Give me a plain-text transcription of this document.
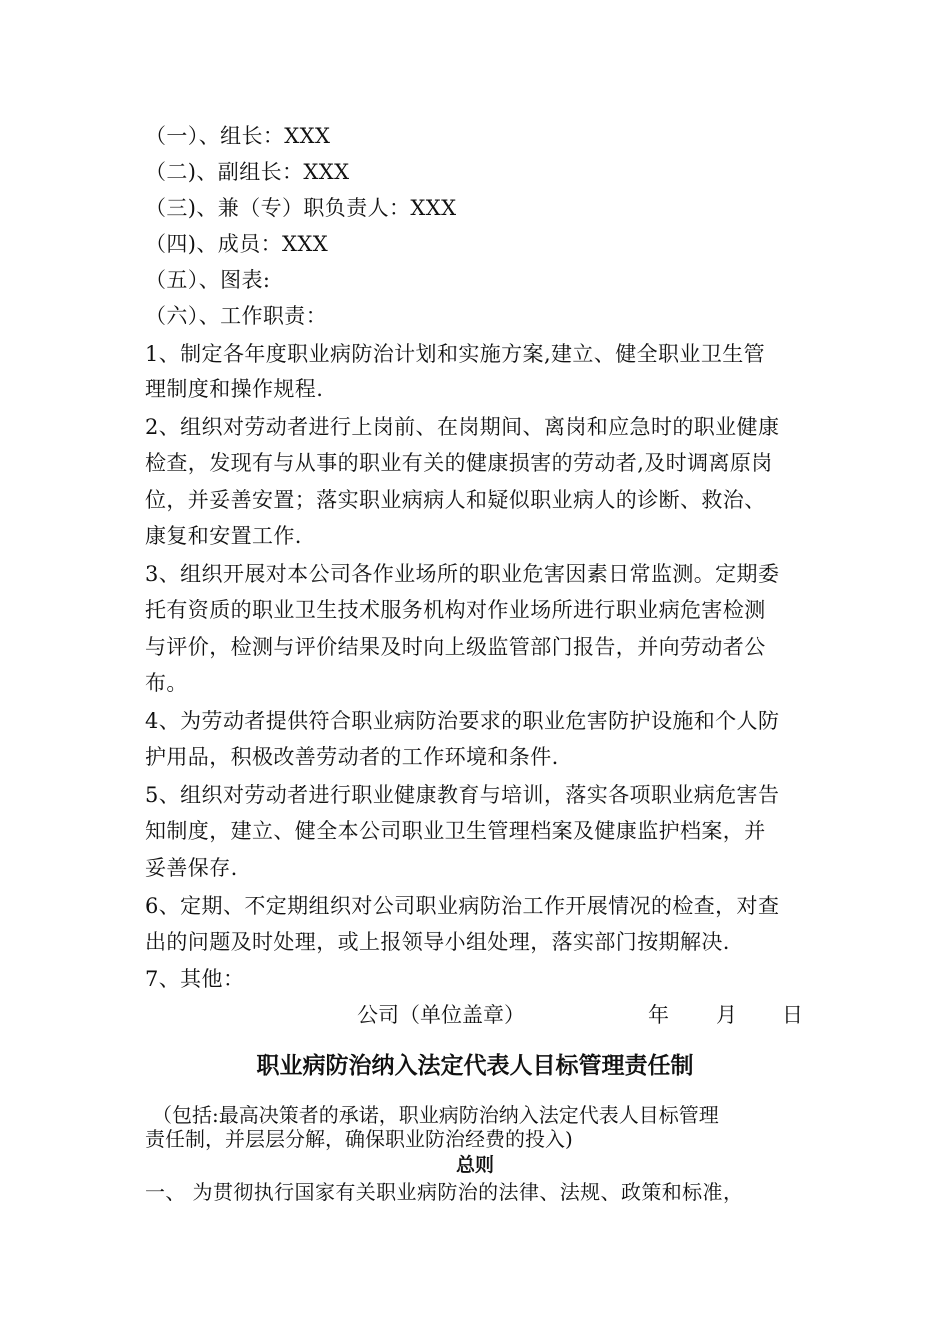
（一）、组长：XXX
（二)、副组长：XXX
（三)、兼（专）职负责人：XXX
（四)、成员：XXX
（五）、图表:
（六）、工作职责：
1、制定各年度职业病防治计划和实施方案,建立、健全职业卫生管
理制度和操作规程.
2、组织对劳动者进行上岗前、在岗期间、离岗和应急时的职业健康
检查，发现有与从事的职业有关的健康损害的劳动者,及时调离原岗
位，并妥善安置；落实职业病病人和疑似职业病人的诊断、救治、
康复和安置工作.
3、组织开展对本公司各作业场所的职业危害因素日常监测。定期委
托有资质的职业卫生技术服务机构对作业场所进行职业病危害检测
与评价，检测与评价结果及时向上级监管部门报告，并向劳动者公
布。
4、为劳动者提供符合职业病防治要求的职业危害防护设施和个人防
护用品，积极改善劳动者的工作环境和条件.
5、组织对劳动者进行职业健康教育与培训，落实各项职业病危害告
知制度，建立、健全本公司职业卫生管理档案及健康监护档案，并
妥善保存.
6、定期、不定期组织对公司职业病防治工作开展情况的检查，对查
出的问题及时处理，或上报领导小组处理，落实部门按期解决.
7、其他：
公司（单位盖章）	年 月 日
职业病防治纳入法定代表人目标管理责任制
（包括:最高决策者的承诺，职业病防治纳入法定代表人目标管理
责任制，并层层分解，确保职业防治经费的投入)
总则
一、 为贯彻执行国家有关职业病防治的法律、法规、政策和标准，
